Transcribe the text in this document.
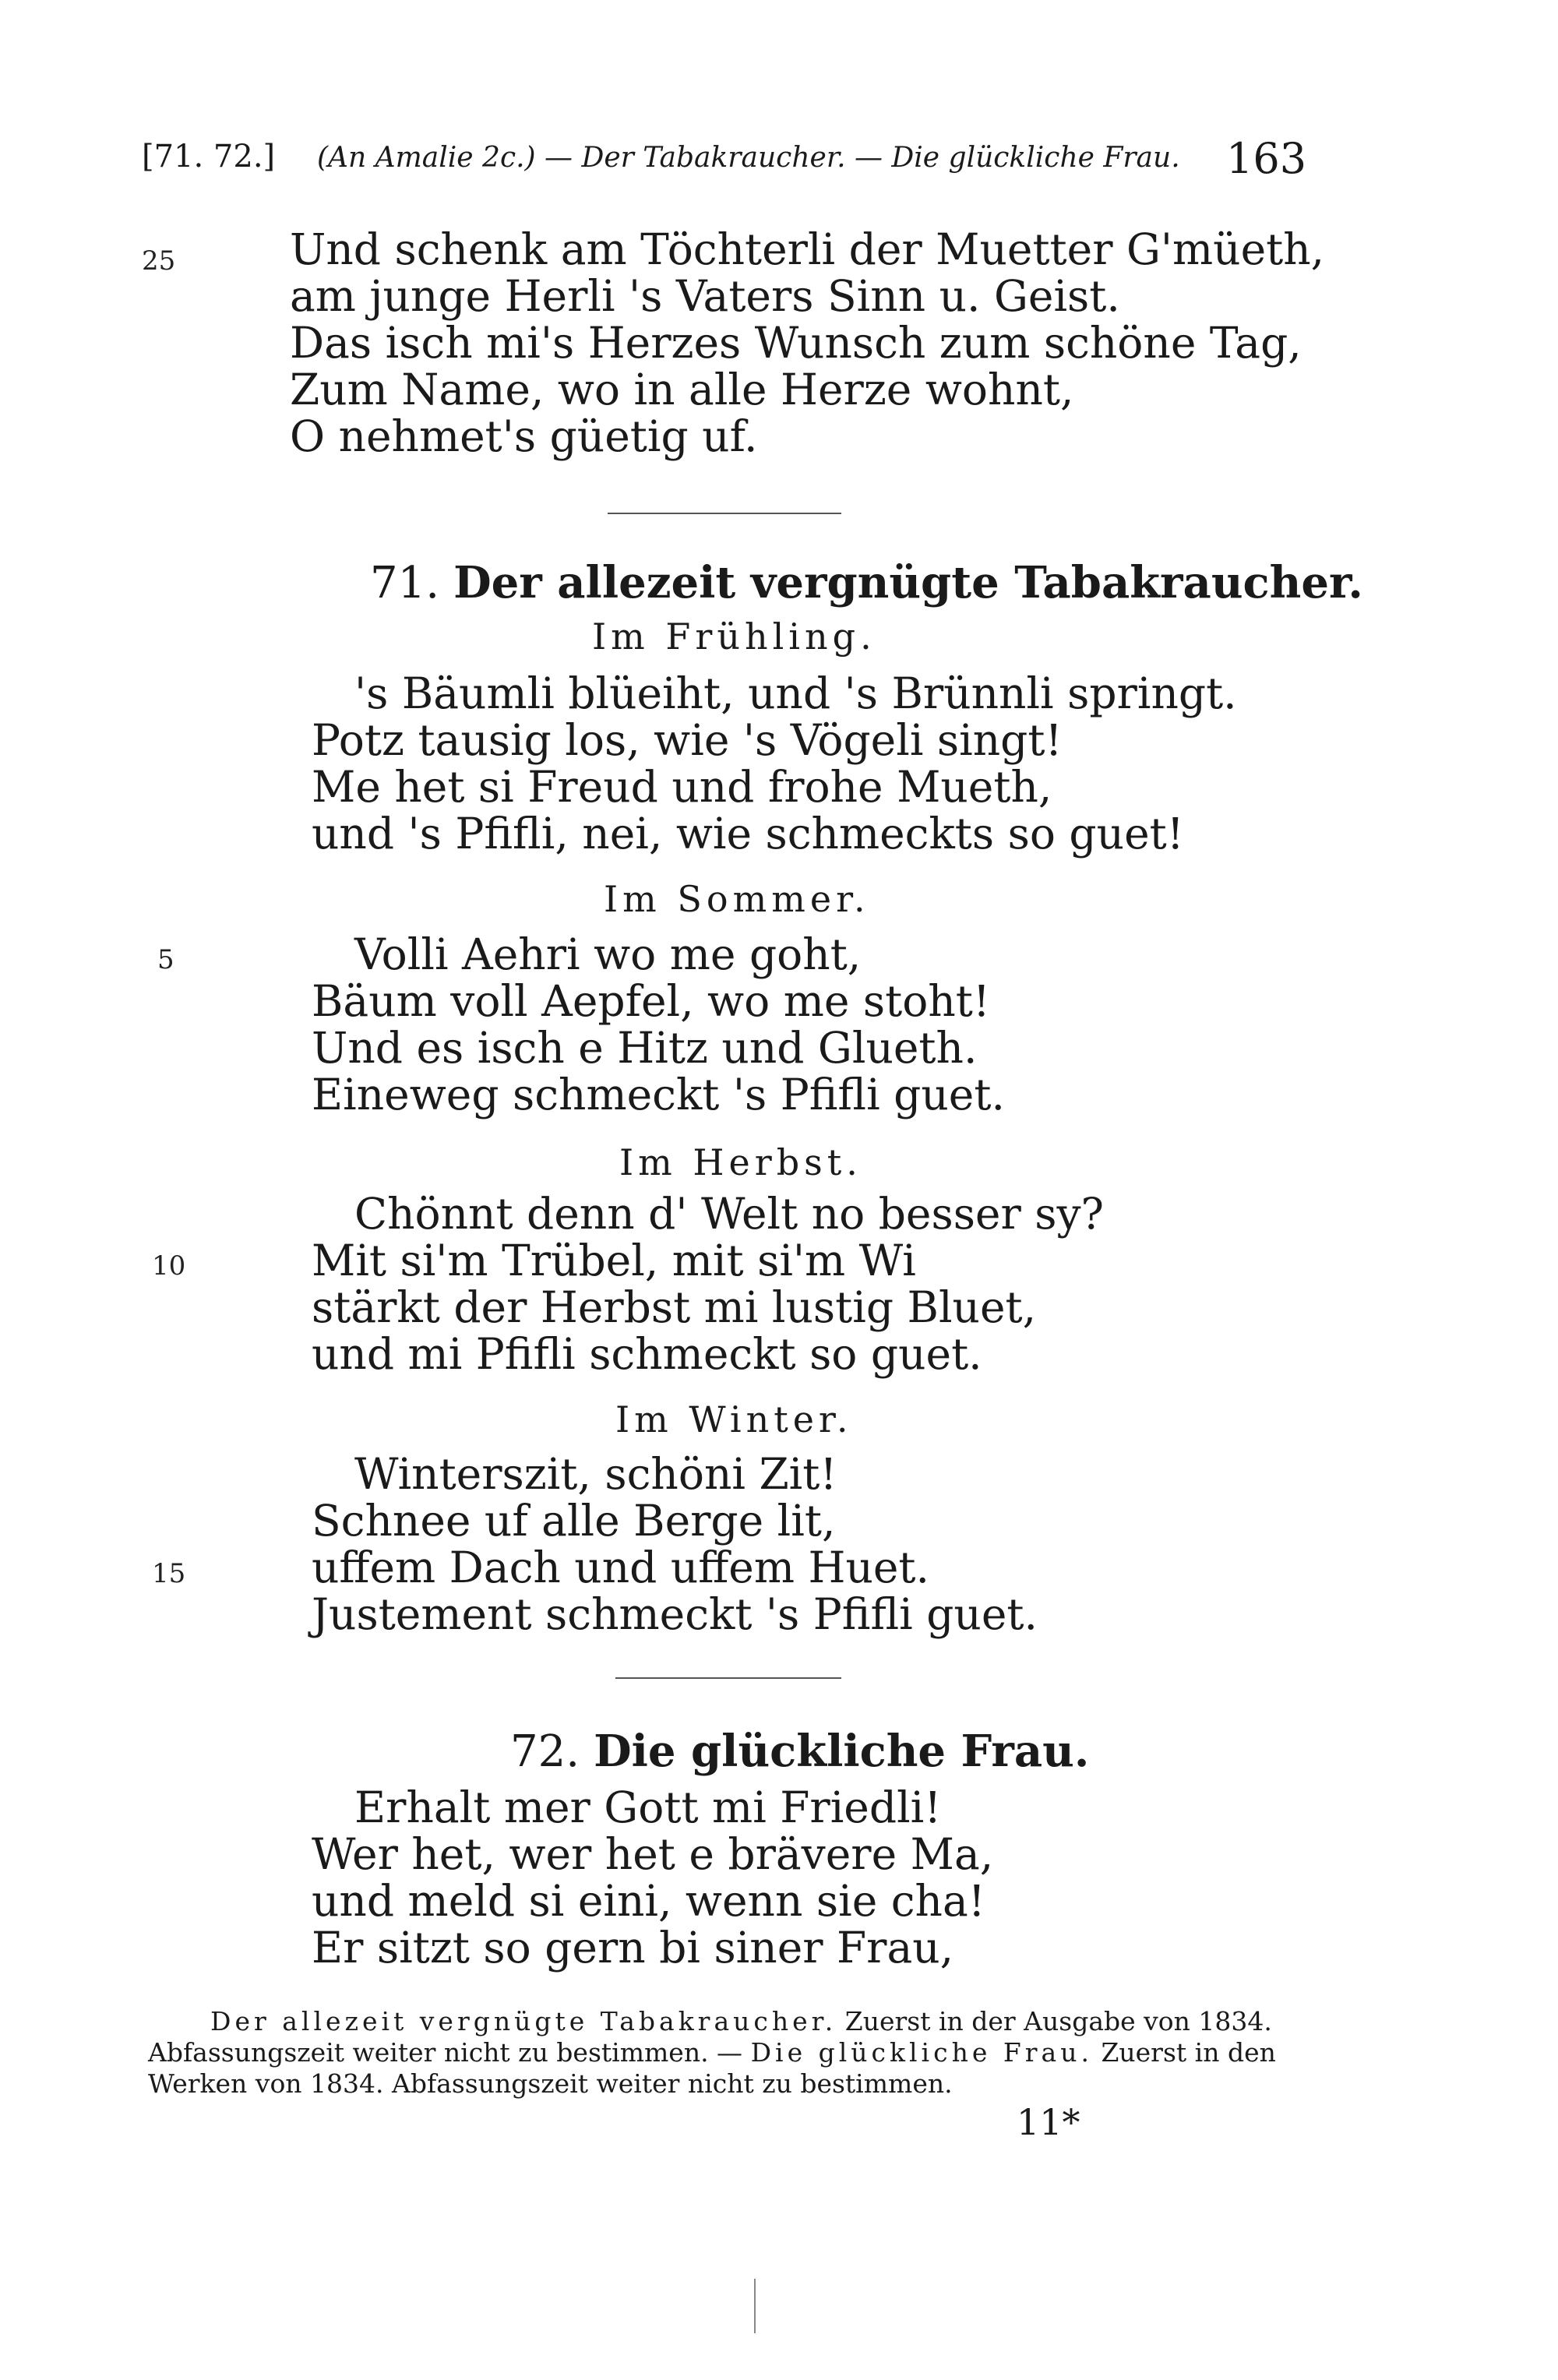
[71. 72.] (An Amalie 2c.) — Der Tabakraucher. — Die glückliche Frau. 163
25	Und schenk am Töchterli der Muetter G'müeth,
am junge Herli 's Vaters Sinn u. Geist.
Das isch mi's Herzes Wunsch zum schöne Tag,
Zum Name, wo in alle Herze wohnt,
O nehmet's güetig uf.
71. Der allezeit vergnügte Tabakraucher.
Im Frühling.
's Bäumli blüeiht, und 's Brünnli springt.
Potz tausig los, wie 's Vögeli singt!
Me het si Freud und frohe Mueth,
und 's Pfifli, nei, wie schmeckts so guet!
Im Sommer.
5	Volli Aehri wo me goht,
Bäum voll Aepfel, wo me stoht!
Und es isch e Hitz und Glueth.
Eineweg schmeckt 's Pfifli guet.
Im Herbst.
10
Chönnt denn d' Welt no besser sy?
Mit si'm Trübel, mit si'm Wi
stärkt der Herbst mi lustig Bluet,
und mi Pfifli schmeckt so guet.
Im Winter.
15
Winterszit, schöni Zit!
Schnee uf alle Berge lit,
uffem Dach und uffem Huet.
Justement schmeckt 's Pfifli guet.
72. Die glückliche Frau.
Erhalt mer Gott mi Friedli!
Wer het, wer het e brävere Ma,
und meld si eini, wenn sie cha!
Er sitzt so gern bi siner Frau,
Der allezeit vergnügte Tabakraucher. Zuerst in der Ausgabe von 1834.
Abfassungszeit weiter nicht zu bestimmen. — Die glückliche Frau. Zuerst in den
Werken von 1834. Abfassungszeit weiter nicht zu bestimmen.
11*
